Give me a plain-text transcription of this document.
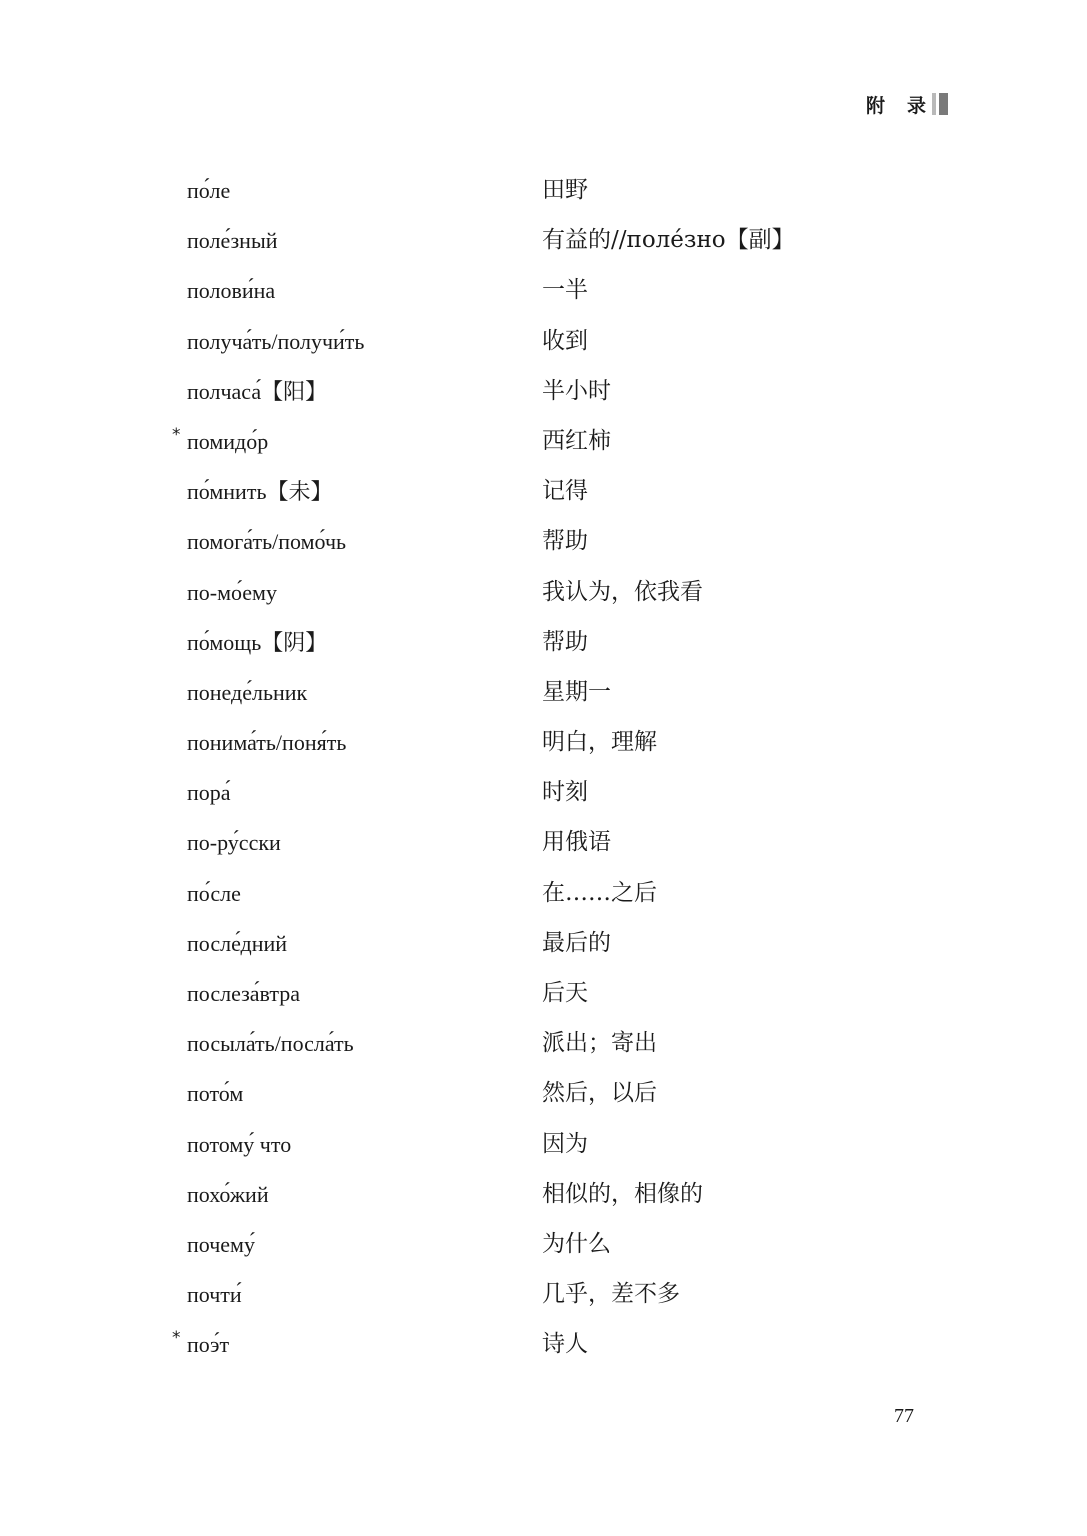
附 录
по́ле	田野
поле́зный	有益的//поле́зно【副】
полови́на	一半
получа́ть/получи́ть	收到
полчаса́【阳】	半小时
* помидо́р	西红柿
по́мнить【未】	记得
помога́ть/помо́чь	帮助
по-мо́ему	我认为，依我看
по́мощь【阴】	帮助
понеде́льник	星期一
понима́ть/поня́ть	明白，理解
пора́	时刻
по-ру́сски	用俄语
по́сле	在……之后
после́дний	最后的
послеза́втра	后天
посыла́ть/посла́ть	派出；寄出
пото́м	然后，以后
потому́ что	因为
похо́жий	相似的，相像的
почему́	为什么
почти́	几乎，差不多
* поэ́т	诗人
77
